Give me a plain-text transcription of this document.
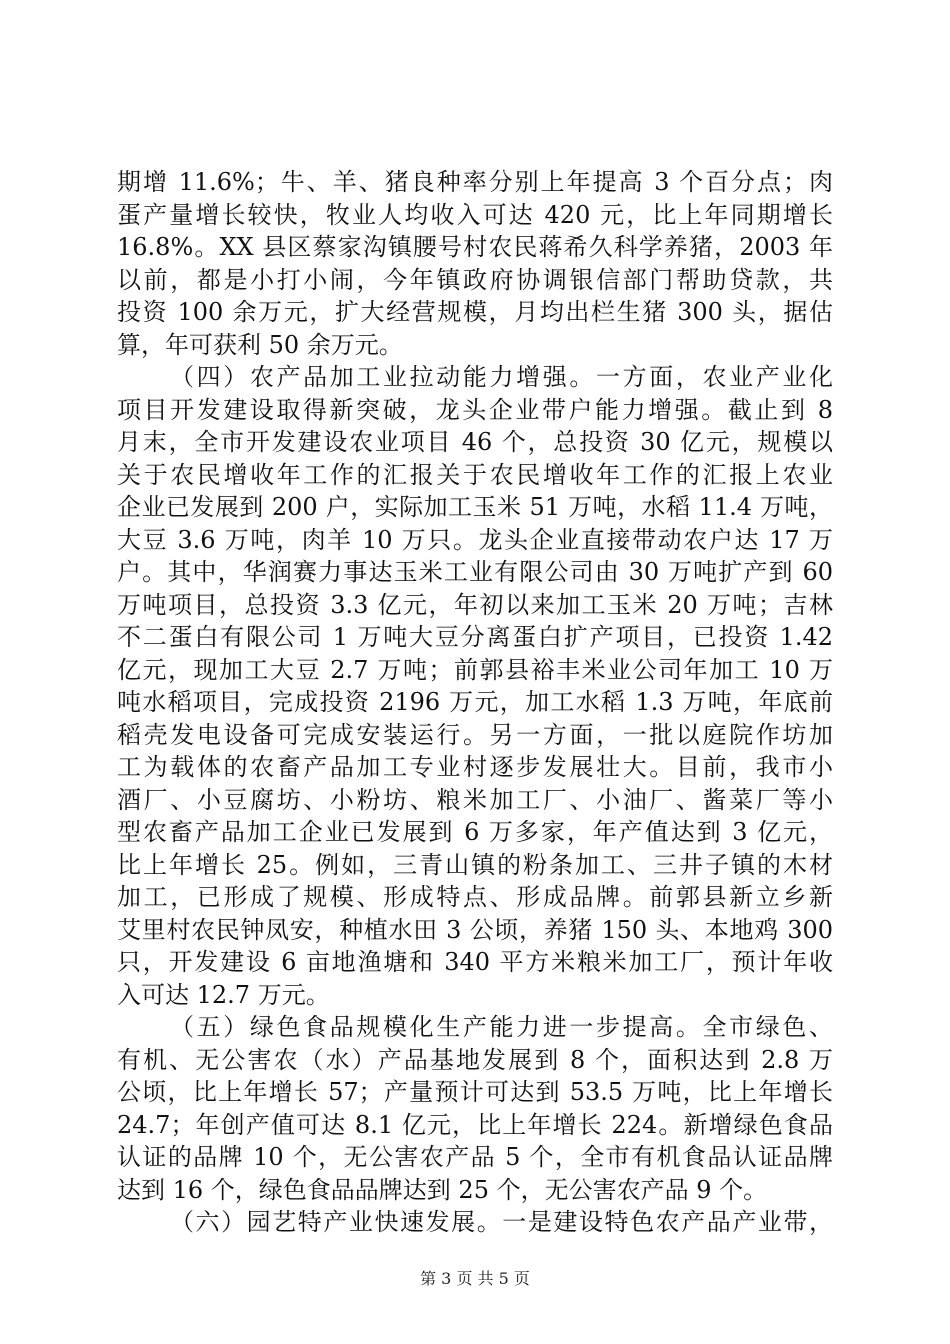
期增 11.6%；牛、羊、猪良种率分别上年提高 3 个百分点；肉
蛋产量增长较快，牧业人均收入可达 420 元，比上年同期增长
16.8%。XX 县区蔡家沟镇腰号村农民蒋希久科学养猪，2003 年
以前，都是小打小闹，今年镇政府协调银信部门帮助贷款，共
投资 100 余万元，扩大经营规模，月均出栏生猪 300 头，据估
算，年可获利 50 余万元。
（四）农产品加工业拉动能力增强。一方面，农业产业化
项目开发建设取得新突破，龙头企业带户能力增强。截止到 8
月末，全市开发建设农业项目 46 个，总投资 30 亿元，规模以
关于农民增收年工作的汇报关于农民增收年工作的汇报上农业
企业已发展到 200 户，实际加工玉米 51 万吨，水稻 11.4 万吨，
大豆 3.6 万吨，肉羊 10 万只。龙头企业直接带动农户达 17 万
户。其中，华润赛力事达玉米工业有限公司由 30 万吨扩产到 60
万吨项目，总投资 3.3 亿元，年初以来加工玉米 20 万吨；吉林
不二蛋白有限公司 1 万吨大豆分离蛋白扩产项目，已投资 1.42
亿元，现加工大豆 2.7 万吨；前郭县裕丰米业公司年加工 10 万
吨水稻项目，完成投资 2196 万元，加工水稻 1.3 万吨，年底前
稻壳发电设备可完成安装运行。另一方面，一批以庭院作坊加
工为载体的农畜产品加工专业村逐步发展壮大。目前，我市小
酒厂、小豆腐坊、小粉坊、粮米加工厂、小油厂、酱菜厂等小
型农畜产品加工企业已发展到 6 万多家，年产值达到 3 亿元，
比上年增长 25。例如，三青山镇的粉条加工、三井子镇的木材
加工，已形成了规模、形成特点、形成品牌。前郭县新立乡新
艾里村农民钟凤安，种植水田 3 公顷，养猪 150 头、本地鸡 300
只，开发建设 6 亩地渔塘和 340 平方米粮米加工厂，预计年收
入可达 12.7 万元。
（五）绿色食品规模化生产能力进一步提高。全市绿色、
有机、无公害农（水）产品基地发展到 8 个，面积达到 2.8 万
公顷，比上年增长 57；产量预计可达到 53.5 万吨，比上年增长
24.7；年创产值可达 8.1 亿元，比上年增长 224。新增绿色食品
认证的品牌 10 个，无公害农产品 5 个，全市有机食品认证品牌
达到 16 个，绿色食品品牌达到 25 个，无公害农产品 9 个。
（六）园艺特产业快速发展。一是建设特色农产品产业带，
第 3 页 共 5 页
